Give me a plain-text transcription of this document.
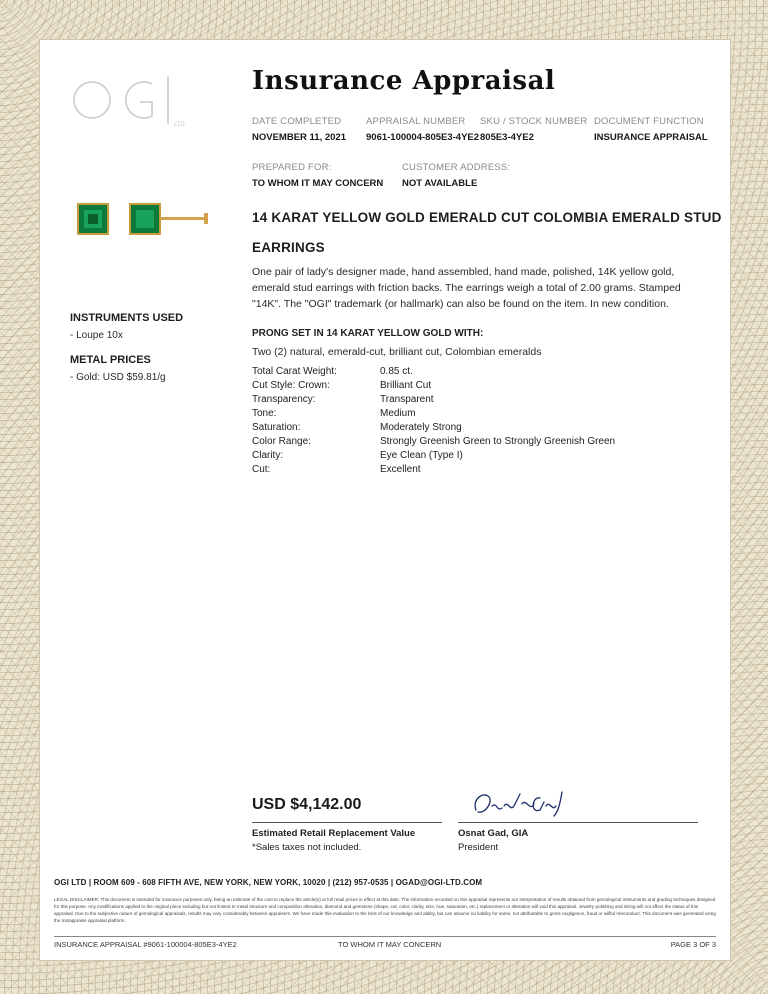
LTD
Insurance Appraisal
DATE COMPLETED
NOVEMBER 11, 2021
APPRAISAL NUMBER
9061-100004-805E3-4YE2
SKU / STOCK NUMBER
805E3-4YE2
DOCUMENT FUNCTION
INSURANCE APPRAISAL
PREPARED FOR:
TO WHOM IT MAY CONCERN
CUSTOMER ADDRESS:
NOT AVAILABLE
14 KARAT YELLOW GOLD EMERALD CUT COLOMBIA EMERALD STUD
EARRINGS
One pair of lady's designer made, hand assembled, hand made, polished, 14K yellow gold, emerald stud earrings with friction backs. The earrings weigh a total of 2.00 grams. Stamped "14K". The "OGI" trademark (or hallmark) can also be found on the item. In new condition.
PRONG SET IN 14 KARAT YELLOW GOLD WITH:
Two (2) natural, emerald-cut, brilliant cut, Colombian emeralds
Total Carat Weight:	0.85 ct.
Cut Style: Crown:	Brilliant Cut
Transparency:	Transparent
Tone:	Medium
Saturation:	Moderately Strong
Color Range:	Strongly Greenish Green to Strongly Greenish Green
Clarity:	Eye Clean (Type I)
Cut:	Excellent
INSTRUMENTS USED
- Loupe 10x
METAL PRICES
- Gold: USD $59.81/g
USD $4,142.00
Estimated Retail Replacement Value
*Sales taxes not included.
Osnat Gad, GIA
President
OGI LTD | ROOM 609 - 608 FIFTH AVE, NEW YORK, NEW YORK, 10020 | (212) 957-0535 | OGAD@OGI-LTD.COM
LEGAL DISCLAIMER: This document is intended for insurance purposes only, being an estimate of the cost to replace the article(s) at full retail prices in effect at this date. The information recorded on this appraisal represents our interpretation of results obtained from gemological instruments and grading techniques designed for this purpose. Any modifications applied to the original piece including but not limited to metal structure and composition alteration, diamond and gemstone (shape, cut, color, clarity, size, hue, saturation, etc.) replacement or alteration will void this appraisal. Jewelry polishing and sizing will not affect the status of this appraisal. Due to the subjective nature of gemological appraisals, results may vary considerably between appraisers. We have made this evaluation to the best of our knowledge and ability, but can assume no liability for same, not attributable to gross negligence, fraud or willful misconduct. This document was generated using the Instappraise appraisal platform.
INSURANCE APPRAISAL #9061-100004-805E3-4YE2	TO WHOM IT MAY CONCERN	PAGE 3 OF 3
